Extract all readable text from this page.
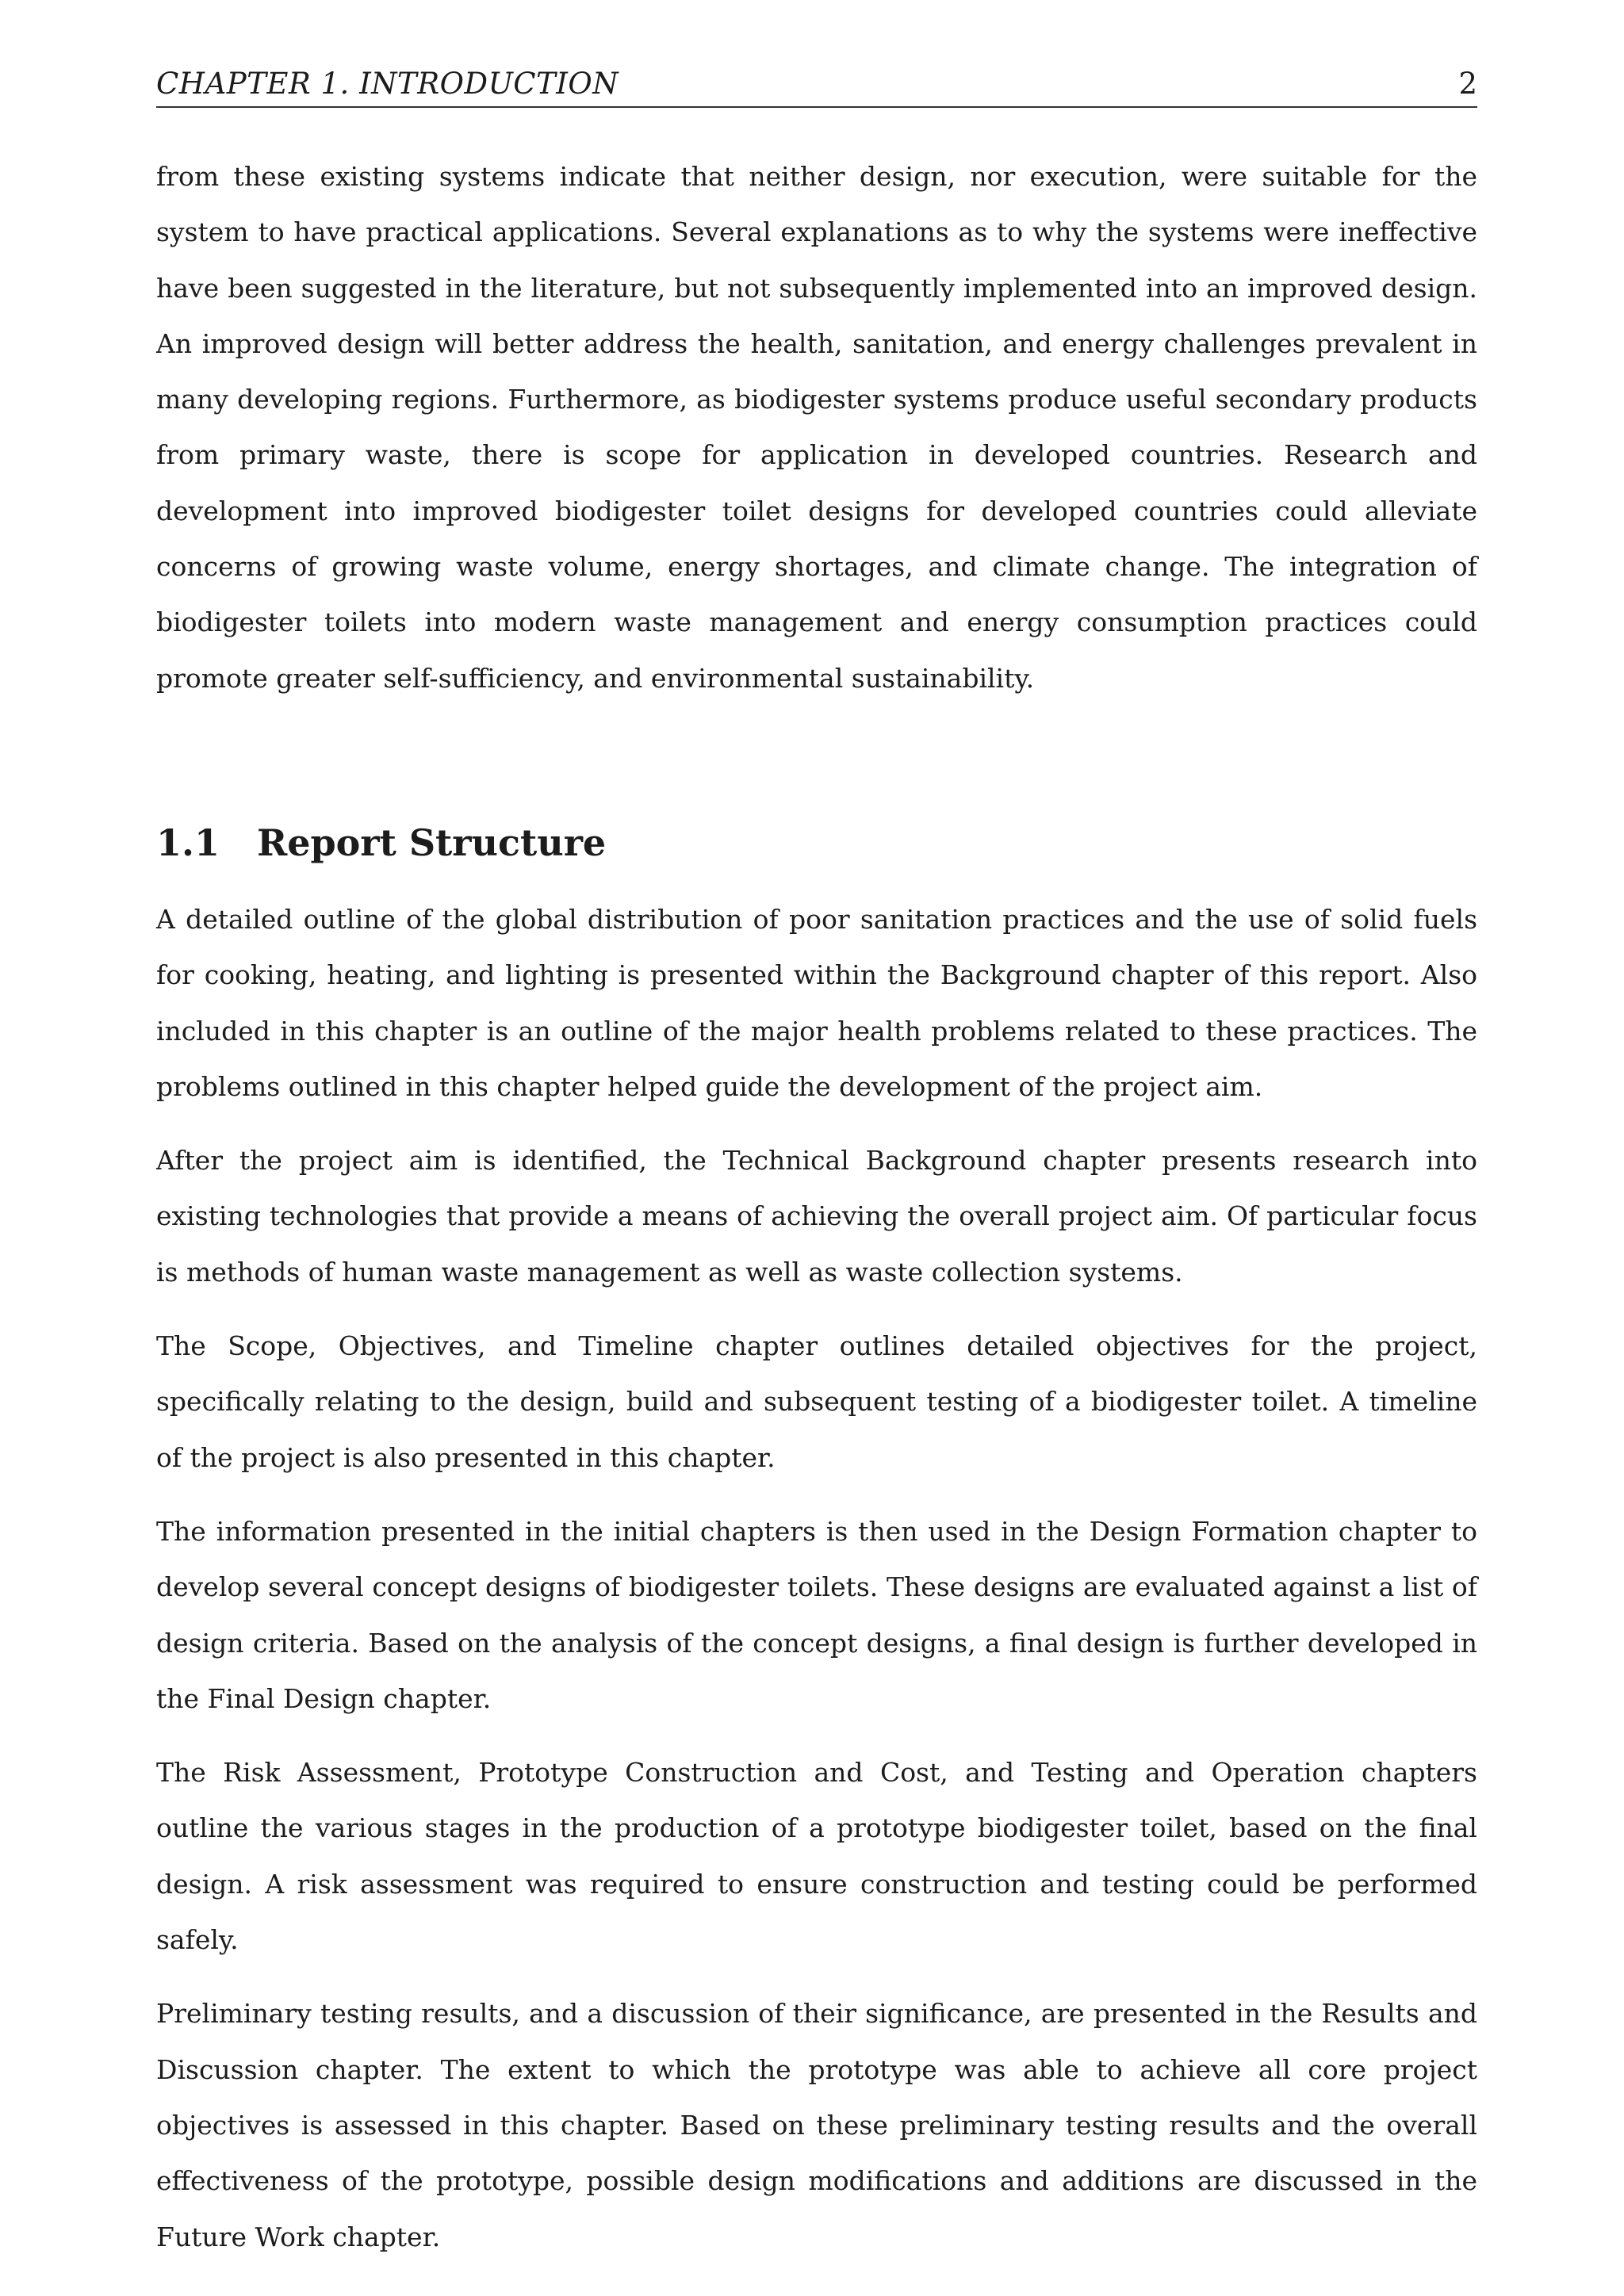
CHAPTER 1. INTRODUCTION	2

from these existing systems indicate that neither design, nor execution, were suitable for the system to have practical applications. Several explanations as to why the systems were ineffective have been suggested in the literature, but not subsequently implemented into an improved design. An improved design will better address the health, sanitation, and energy challenges prevalent in many developing regions. Furthermore, as biodigester systems produce useful secondary products from primary waste, there is scope for application in developed countries. Research and development into improved biodigester toilet designs for developed countries could alleviate concerns of growing waste volume, energy shortages, and climate change. The integration of biodigester toilets into modern waste management and energy consumption practices could promote greater self-sufficiency, and environmental sustainability.

1.1 Report Structure

A detailed outline of the global distribution of poor sanitation practices and the use of solid fuels for cooking, heating, and lighting is presented within the Background chapter of this report. Also included in this chapter is an outline of the major health problems related to these practices. The problems outlined in this chapter helped guide the development of the project aim.

After the project aim is identified, the Technical Background chapter presents research into existing technologies that provide a means of achieving the overall project aim. Of particular focus is methods of human waste management as well as waste collection systems.

The Scope, Objectives, and Timeline chapter outlines detailed objectives for the project, specifically relating to the design, build and subsequent testing of a biodigester toilet. A timeline of the project is also presented in this chapter.

The information presented in the initial chapters is then used in the Design Formation chapter to develop several concept designs of biodigester toilets. These designs are evaluated against a list of design criteria. Based on the analysis of the concept designs, a final design is further developed in the Final Design chapter.

The Risk Assessment, Prototype Construction and Cost, and Testing and Operation chapters outline the various stages in the production of a prototype biodigester toilet, based on the final design. A risk assessment was required to ensure construction and testing could be performed safely.

Preliminary testing results, and a discussion of their significance, are presented in the Results and Discussion chapter. The extent to which the prototype was able to achieve all core project objectives is assessed in this chapter. Based on these preliminary testing results and the overall effectiveness of the prototype, possible design modifications and additions are discussed in the Future Work chapter.
